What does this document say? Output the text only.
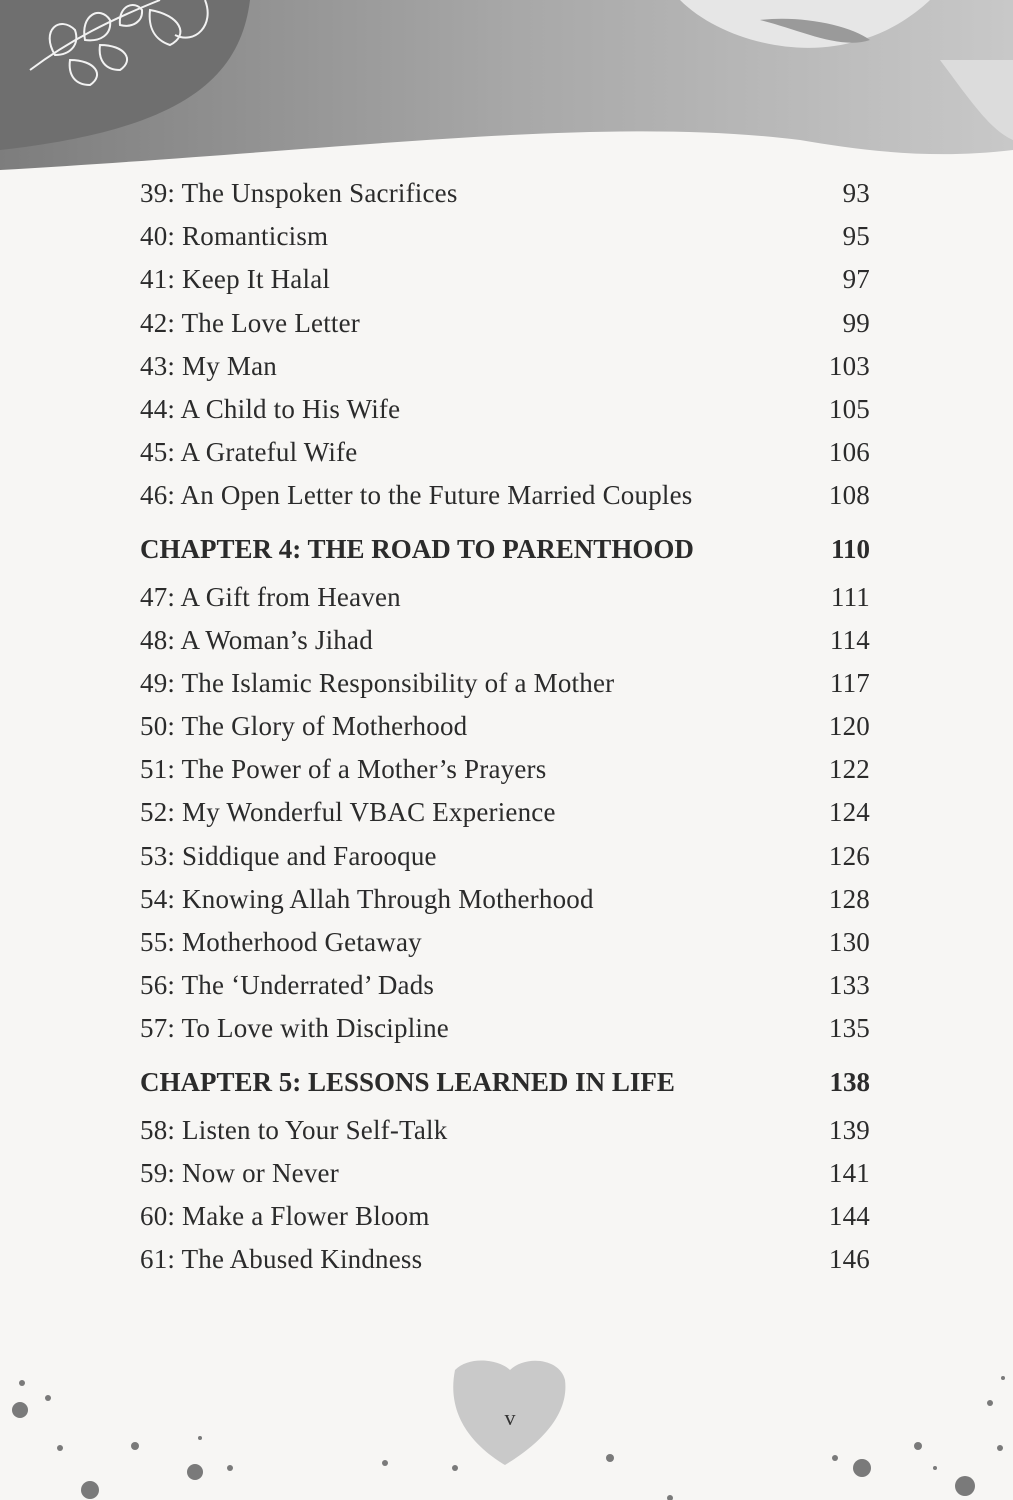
39: The Unspoken Sacrifices	93
40: Romanticism	95
41: Keep It Halal	97
42: The Love Letter	99
43: My Man	103
44: A Child to His Wife	105
45: A Grateful Wife	106
46: An Open Letter to the Future Married Couples	108
CHAPTER 4: THE ROAD TO PARENTHOOD	110
47: A Gift from Heaven	111
48: A Woman’s Jihad	114
49: The Islamic Responsibility of a Mother	117
50: The Glory of Motherhood	120
51: The Power of a Mother’s Prayers	122
52: My Wonderful VBAC Experience	124
53: Siddique and Farooque	126
54: Knowing Allah Through Motherhood	128
55: Motherhood Getaway	130
56: The ‘Underrated’ Dads	133
57: To Love with Discipline	135
CHAPTER 5: LESSONS LEARNED IN LIFE	138
58: Listen to Your Self-Talk	139
59: Now or Never	141
60: Make a Flower Bloom	144
61: The Abused Kindness	146
v
